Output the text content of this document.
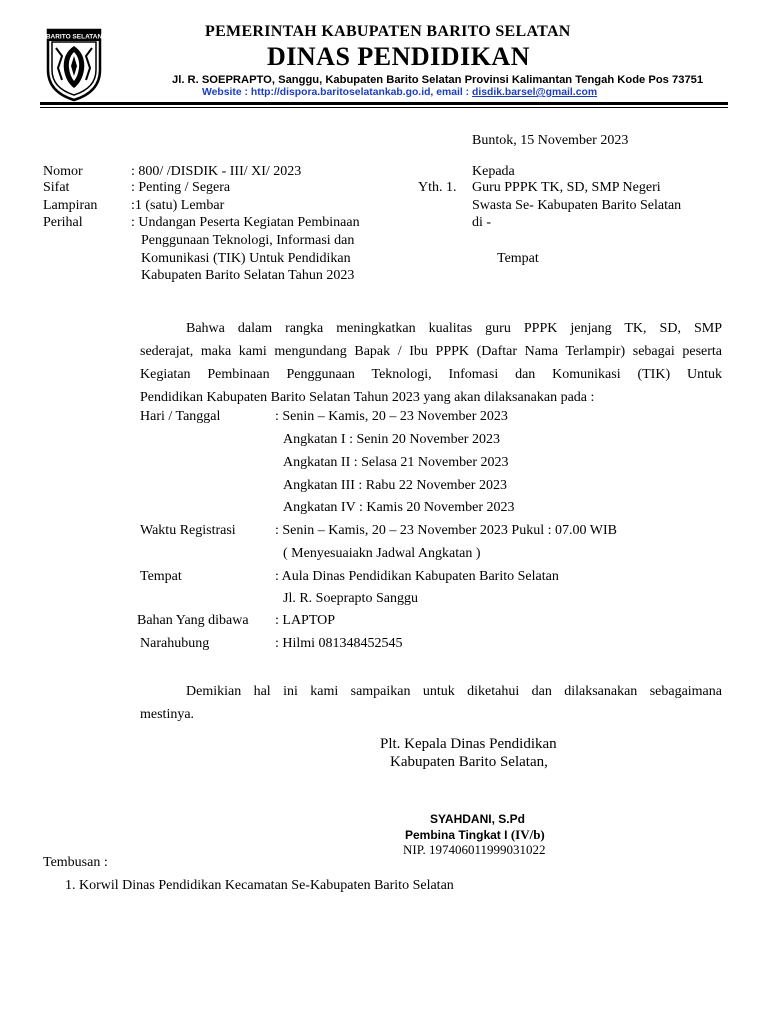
BARITO SELATAN	PEMERINTAH KABUPATEN BARITO SELATAN
DINAS PENDIDIKAN
Jl. R. SOEPRAPTO, Sanggu, Kabupaten Barito Selatan Provinsi Kalimantan Tengah Kode Pos 73751
Website : http://dispora.baritoselatankab.go.id, email : disdik.barsel@gmail.com
Buntok, 15 November 2023
Nomor	: 800/ /DISDIK - III/ XI/ 2023
Sifat	: Penting / Segera
Lampiran :1 (satu) Lembar
Perihal	: Undangan Peserta Kegiatan Pembinaan
Penggunaan Teknologi, Informasi dan
Komunikasi (TIK) Untuk Pendidikan
Kabupaten Barito Selatan Tahun 2023
Kepada
Yth. 1. Guru PPPK TK, SD, SMP Negeri
Swasta Se- Kabupaten Barito Selatan
di -
Tempat
Bahwa dalam rangka meningkatkan kualitas guru PPPK jenjang TK, SD, SMP
sederajat, maka kami mengundang Bapak / Ibu PPPK (Daftar Nama Terlampir) sebagai peserta
Kegiatan Pembinaan Penggunaan Teknologi, Infomasi dan Komunikasi (TIK) Untuk
Pendidikan Kabupaten Barito Selatan Tahun 2023 yang akan dilaksanakan pada :
Hari / Tanggal	: Senin – Kamis, 20 – 23 November 2023
Angkatan I : Senin 20 November 2023
Angkatan II : Selasa 21 November 2023
Angkatan III : Rabu 22 November 2023
Angkatan IV : Kamis 20 November 2023
Waktu Registrasi	: Senin – Kamis, 20 – 23 November 2023 Pukul : 07.00 WIB
( Menyesuaiakn Jadwal Angkatan )
Tempat	: Aula Dinas Pendidikan Kabupaten Barito Selatan
Jl. R. Soeprapto Sanggu
Bahan Yang dibawa : LAPTOP
Narahubung	: Hilmi 081348452545
Demikian hal ini kami sampaikan untuk diketahui dan dilaksanakan sebagaimana
mestinya.
Plt. Kepala Dinas Pendidikan
Kabupaten Barito Selatan,
SYAHDANI, S.Pd
Pembina Tingkat I (IV/b)
NIP. 197406011999031022
Tembusan :
1. Korwil Dinas Pendidikan Kecamatan Se-Kabupaten Barito Selatan
